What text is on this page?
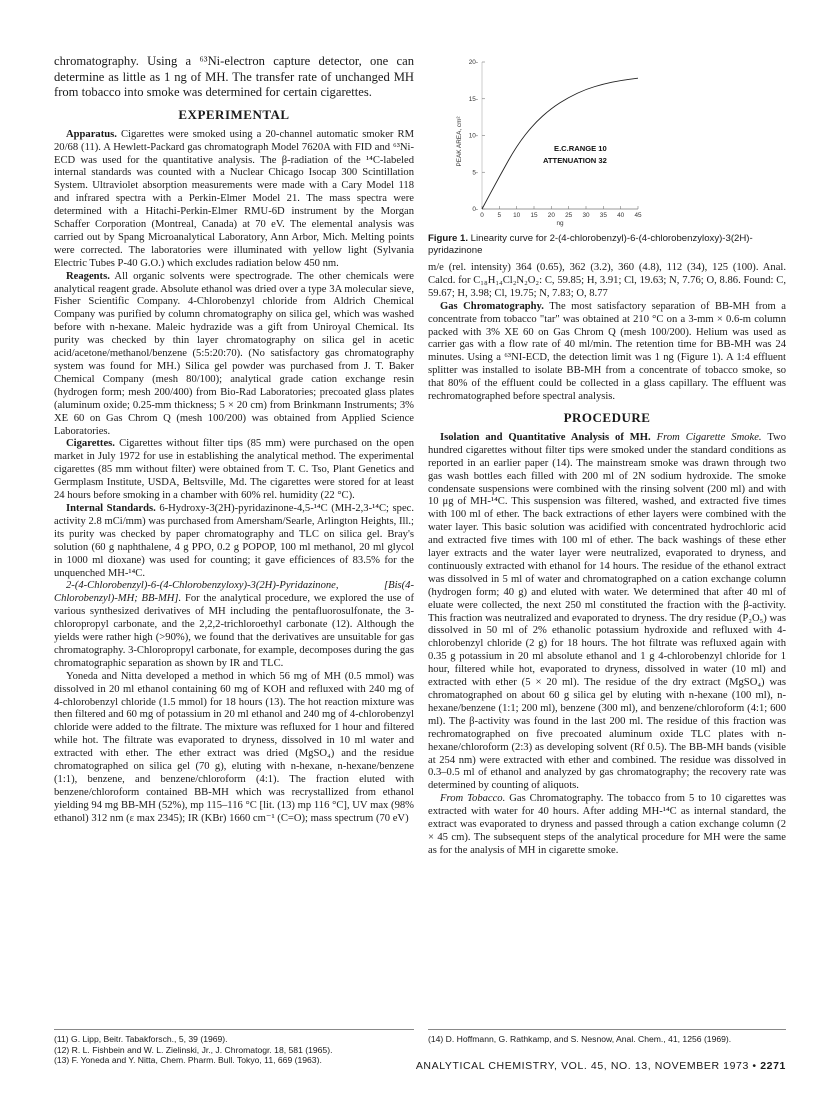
chromatography. Using a ⁶³Ni-electron capture detector, one can determine as little as 1 ng of MH. The transfer rate of unchanged MH from tobacco into smoke was determined for certain cigarettes.

EXPERIMENTAL

Apparatus. Cigarettes were smoked using a 20-channel automatic smoker RM 20/68 (11). A Hewlett-Packard gas chromatograph Model 7620A with FID and ⁶³Ni-ECD was used for the quantitative analysis. The β-radiation of the ¹⁴C-labeled internal standards was counted with a Nuclear Chicago Isocap 300 Scintillation System. Ultraviolet absorption measurements were made with a Cary Model 118 and infrared spectra with a Perkin-Elmer Model 21. The mass spectra were determined with a Hitachi-Perkin-Elmer RMU-6D instrument by the Morgan Schaffer Corporation (Montreal, Canada) at 70 eV. The elemental analysis was carried out by Spang Microanalytical Laboratory, Ann Arbor, Mich. Melting points were corrected. The laboratories were illuminated with yellow light (Sylvania Electric Tubes P-40 G.O.) which excludes radiation below 450 nm.

Reagents. All organic solvents were spectrograde. The other chemicals were analytical reagent grade. Absolute ethanol was dried over a type 3A molecular sieve, Fisher Scientific Company. 4-Chlorobenzyl chloride from Aldrich Chemical Company was purified by column chromatography on silica gel, which was washed before with n-hexane. Maleic hydrazide was a gift from Uniroyal Chemical. Its purity was checked by thin layer chromatography on silica gel in acetic acid/acetone/methanol/benzene (5:5:20:70). (No satisfactory gas chromatography system was found for MH.) Silica gel powder was purchased from J. T. Baker Chemical Company (mesh 80/100); analytical grade cation exchange resin (hydrogen form; mesh 200/400) from Bio-Rad Laboratories; precoated glass plates (aluminum oxide; 0.25-mm thickness; 5 × 20 cm) from Brinkmann Instruments; 3% XE 60 on Gas Chrom Q (mesh 100/200) was obtained from Applied Science Laboratories.

Cigarettes. Cigarettes without filter tips (85 mm) were purchased on the open market in July 1972 for use in establishing the analytical method. The experimental cigarettes (85 mm without filter) were obtained from T. C. Tso, Plant Genetics and Germplasm Institute, USDA, Beltsville, Md. The cigarettes were stored for at least 24 hours before smoking in a chamber with 60% rel. humidity (22 °C).

Internal Standards. 6-Hydroxy-3(2H)-pyridazinone-4,5-¹⁴C (MH-2,3-¹⁴C; spec. activity 2.8 mCi/mm) was purchased from Amersham/Searle, Arlington Heights, Ill.; its purity was checked by paper chromatography and TLC on silica gel. Bray's solution (60 g naphthalene, 4 g PPO, 0.2 g POPOP, 100 ml methanol, 20 ml glycol in 1000 ml dioxane) was used for counting; it gave efficiences of 83.5% for the unquenched MH-¹⁴C.

2-(4-Chlorobenzyl)-6-(4-Chlorobenzyloxy)-3(2H)-Pyridazinone, [Bis(4-Chlorobenzyl)-MH; BB-MH]. For the analytical procedure, we explored the use of various synthesized derivatives of MH including the pentafluorosulfonate, the 3-chloropropyl carbonate, and the 2,2,2-trichloroethyl carbonate (12). Although the yields were rather high (>90%), we found that the derivatives are unsuitable for gas chromatography. 3-Chloropropyl carbonate, for example, decomposes during the gas chromatographic separation as shown by IR and TLC.

Yoneda and Nitta developed a method in which 56 mg of MH (0.5 mmol) was dissolved in 20 ml ethanol containing 60 mg of KOH and refluxed with 240 mg of 4-chlorobenzyl chloride (1.5 mmol) for 18 hours (13). The hot reaction mixture was then filtered and 60 mg of potassium in 20 ml ethanol and 240 mg of 4-chlorobenzyl chloride were added to the filtrate. The mixture was refluxed for 1 hour and filtered while hot. The filtrate was evaporated to dryness, dissolved in 10 ml water and extracted with ether. The ether extract was dried (MgSO₄) and the residue chromatographed on silica gel (70 g), eluting with n-hexane, n-hexane/benzene (1:1), benzene, and benzene/chloroform (4:1). The fraction eluted with benzene/chloroform contained BB-MH which was recrystallized from ethanol yielding 94 mg BB-MH (52%), mp 115–116 °C [lit. (13) mp 116 °C], UV max (98% ethanol) 312 nm (ε max 2345); IR (KBr) 1660 cm⁻¹ (C=O); mass spectrum (70 eV)

0 5 10 15 20 25 30 35 40 45
0-
5-
10-
15-
20-
ng
PEAK AREA, cm²	E.C.RANGE 10
ATTENUATION 32
Figure 1. Linearity curve for 2-(4-chlorobenzyl)-6-(4-chlorobenzyloxy)-3(2H)-pyridazinone

m/e (rel. intensity) 364 (0.65), 362 (3.2), 360 (4.8), 112 (34), 125 (100). Anal. Calcd. for C₁₈H₁₄Cl₂N₂O₂: C, 59.85; H, 3.91; Cl, 19.63; N, 7.76; O, 8.86. Found: C, 59.67; H, 3.98; Cl, 19.75; N, 7.83; O, 8.77

Gas Chromatography. The most satisfactory separation of BB-MH from a concentrate from tobacco "tar" was obtained at 210 °C on a 3-mm × 0.6-m column packed with 3% XE 60 on Gas Chrom Q (mesh 100/200). Helium was used as carrier gas with a flow rate of 40 ml/min. The retention time for BB-MH was 24 minutes. Using a ⁶³NI-ECD, the detection limit was 1 ng (Figure 1). A 1:4 effluent splitter was installed to isolate BB-MH from a concentrate of tobacco smoke, so that 80% of the effluent could be collected in a glass capillary. The effluent was rechromatographed before spectral analysis.

PROCEDURE

Isolation and Quantitative Analysis of MH. From Cigarette Smoke. Two hundred cigarettes without filter tips were smoked under the standard conditions as reported in an earlier paper (14). The mainstream smoke was drawn through two gas wash bottles each filled with 200 ml of 2N sodium hydroxide. The smoke condensate suspensions were combined with the rinsing solvent (200 ml) and with 10 μg of MH-¹⁴C. This suspension was filtered, washed, and extracted five times with 100 ml of ether. The back extractions of ether layers were combined with the water layer. This basic solution was acidified with concentrated hydrochloric acid and extracted five times with 100 ml of ether. The back washings of these ether layer extracts and the water layer were neutralized, evaporated to dryness, and continuously extracted with ethanol for 14 hours. The residue of the ethanol extract was dissolved in 5 ml of water and chromatographed on a cation exchange column (hydrogen form; 40 g) and eluted with water. We determined that after 40 ml of eluate were collected, the next 250 ml constituted the fraction with the β-activity. This fraction was neutralized and evaporated to dryness. The dry residue (P₂O₅) was dissolved in 50 ml of 2% ethanolic potassium hydroxide and refluxed with 4-chlorobenzyl chloride (2 g) for 18 hours. The hot filtrate was refluxed again with 0.35 g potassium in 20 ml absolute ethanol and 1 g 4-chlorobenzyl chloride for 1 hour, filtered while hot, evaporated to dryness, dissolved in water (10 ml) and extracted with ether (5 × 20 ml). The residue of the dry extract (MgSO₄) was chromatographed on about 60 g silica gel by eluting with n-hexane (100 ml), n-hexane/benzene (1:1; 200 ml), benzene (300 ml), and benzene/chloroform (4:1; 600 ml). The β-activity was found in the last 200 ml. The residue of this fraction was rechromatographed on five precoated aluminum oxide TLC plates with n-hexane/chloroform (2:3) as developing solvent (Rf 0.5). The BB-MH bands (visible at 254 nm) were extracted with ether and combined. The residue was dissolved in 0.3–0.5 ml of ethanol and analyzed by gas chromatography; the recovery rate was determined by counting of aliquots.

From Tobacco. Gas Chromatography. The tobacco from 5 to 10 cigarettes was extracted with water for 40 hours. After adding MH-¹⁴C as internal standard, the extract was evaporated to dryness and passed through a cation exchange column (2 × 45 cm). The subsequent steps of the analytical procedure for MH were the same as for the analysis of MH in cigarette smoke.

(11) G. Lipp, Beitr. Tabakforsch., 5, 39 (1969).

(12) R. L. Fishbein and W. L. Zielinski, Jr., J. Chromatogr. 18, 581 (1965).

(13) F. Yoneda and Y. Nitta, Chem. Pharm. Bull. Tokyo, 11, 669 (1963).

(14) D. Hoffmann, G. Rathkamp, and S. Nesnow, Anal. Chem., 41, 1256 (1969).

ANALYTICAL CHEMISTRY, VOL. 45, NO. 13, NOVEMBER 1973 • 2271
